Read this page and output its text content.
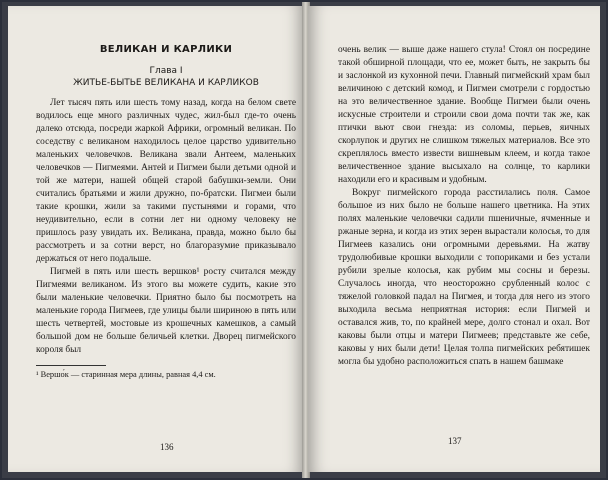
ВЕЛИКАН И КАРЛИКИ

Глава I

ЖИТЬЕ-БЫТЬЕ ВЕЛИКАНА И КАРЛИКОВ

Лет тысяч пять или шесть тому назад, когда на белом свете водилось еще много различных чудес, жил-был где-то очень далеко отсюда, посреди жаркой Африки, огромный великан. По соседству с великаном находилось целое царство удивительно маленьких человечков. Великана звали Антеем, маленьких человечков — Пигмеями. Антей и Пигмеи были детьми одной и той же матери, нашей общей старой бабушки-земли. Они считались братьями и жили дружно, по-братски. Пигмеи были такие крошки, жили за такими пустынями и горами, что неудивительно, если в сотни лет ни одному человеку не пришлось разу увидать их. Великана, правда, можно было бы рассмотреть и за сотни верст, но благоразумие приказывало держаться от него подальше.

Пигмей в пять или шесть вершков¹ росту считался между Пигмеями великаном. Из этого вы можете судить, какие это были маленькие человечки. Приятно было бы посмотреть на маленькие города Пигмеев, где улицы были шириною в пять или шесть четвертей, мостовые из крошечных камешков, а самый большой дом не больше беличьей клетки. Дворец пигмейского короля был

¹ Вершо́к — старинная мера длины, равная 4,4 см.

136

очень велик — выше даже нашего стула! Стоял он посредине такой обширной площади, что ее, может быть, не закрыть бы и заслонкой из кухонной печи. Главный пигмейский храм был величиною с детский комод, и Пигмеи смотрели с гордостью на это величественное здание. Вообще Пигмеи были очень искусные строители и строили свои дома почти так же, как птички вьют свои гнезда: из соломы, перьев, яичных скорлупок и других не слишком тяжелых материалов. Все это скреплялось вместо извести вишневым клеем, и когда такое величественное здание высыхало на солнце, то карлики находили его и красивым и удобным.

Вокруг пигмейского города расстилались поля. Самое большое из них было не больше нашего цветника. На этих полях маленькие человечки садили пшеничные, ячменные и ржаные зерна, и когда из этих зерен вырастали колосья, то для Пигмеев казались они огромными деревьями. На жатву трудолюбивые крошки выходили с топориками и без устали рубили зрелые колосья, как рубим мы сосны и березы. Случалось иногда, что неосторожно срубленный колос с тяжелой головкой падал на Пигмея, и тогда для него из этого выходила весьма неприятная история: если Пигмей и оставался жив, то, по крайней мере, долго стонал и охал. Вот каковы были отцы и матери Пигмеев; представьте же себе, каковы у них были дети! Целая толпа пигмейских ребятишек могла бы удобно расположиться спать в нашем башмаке

137
